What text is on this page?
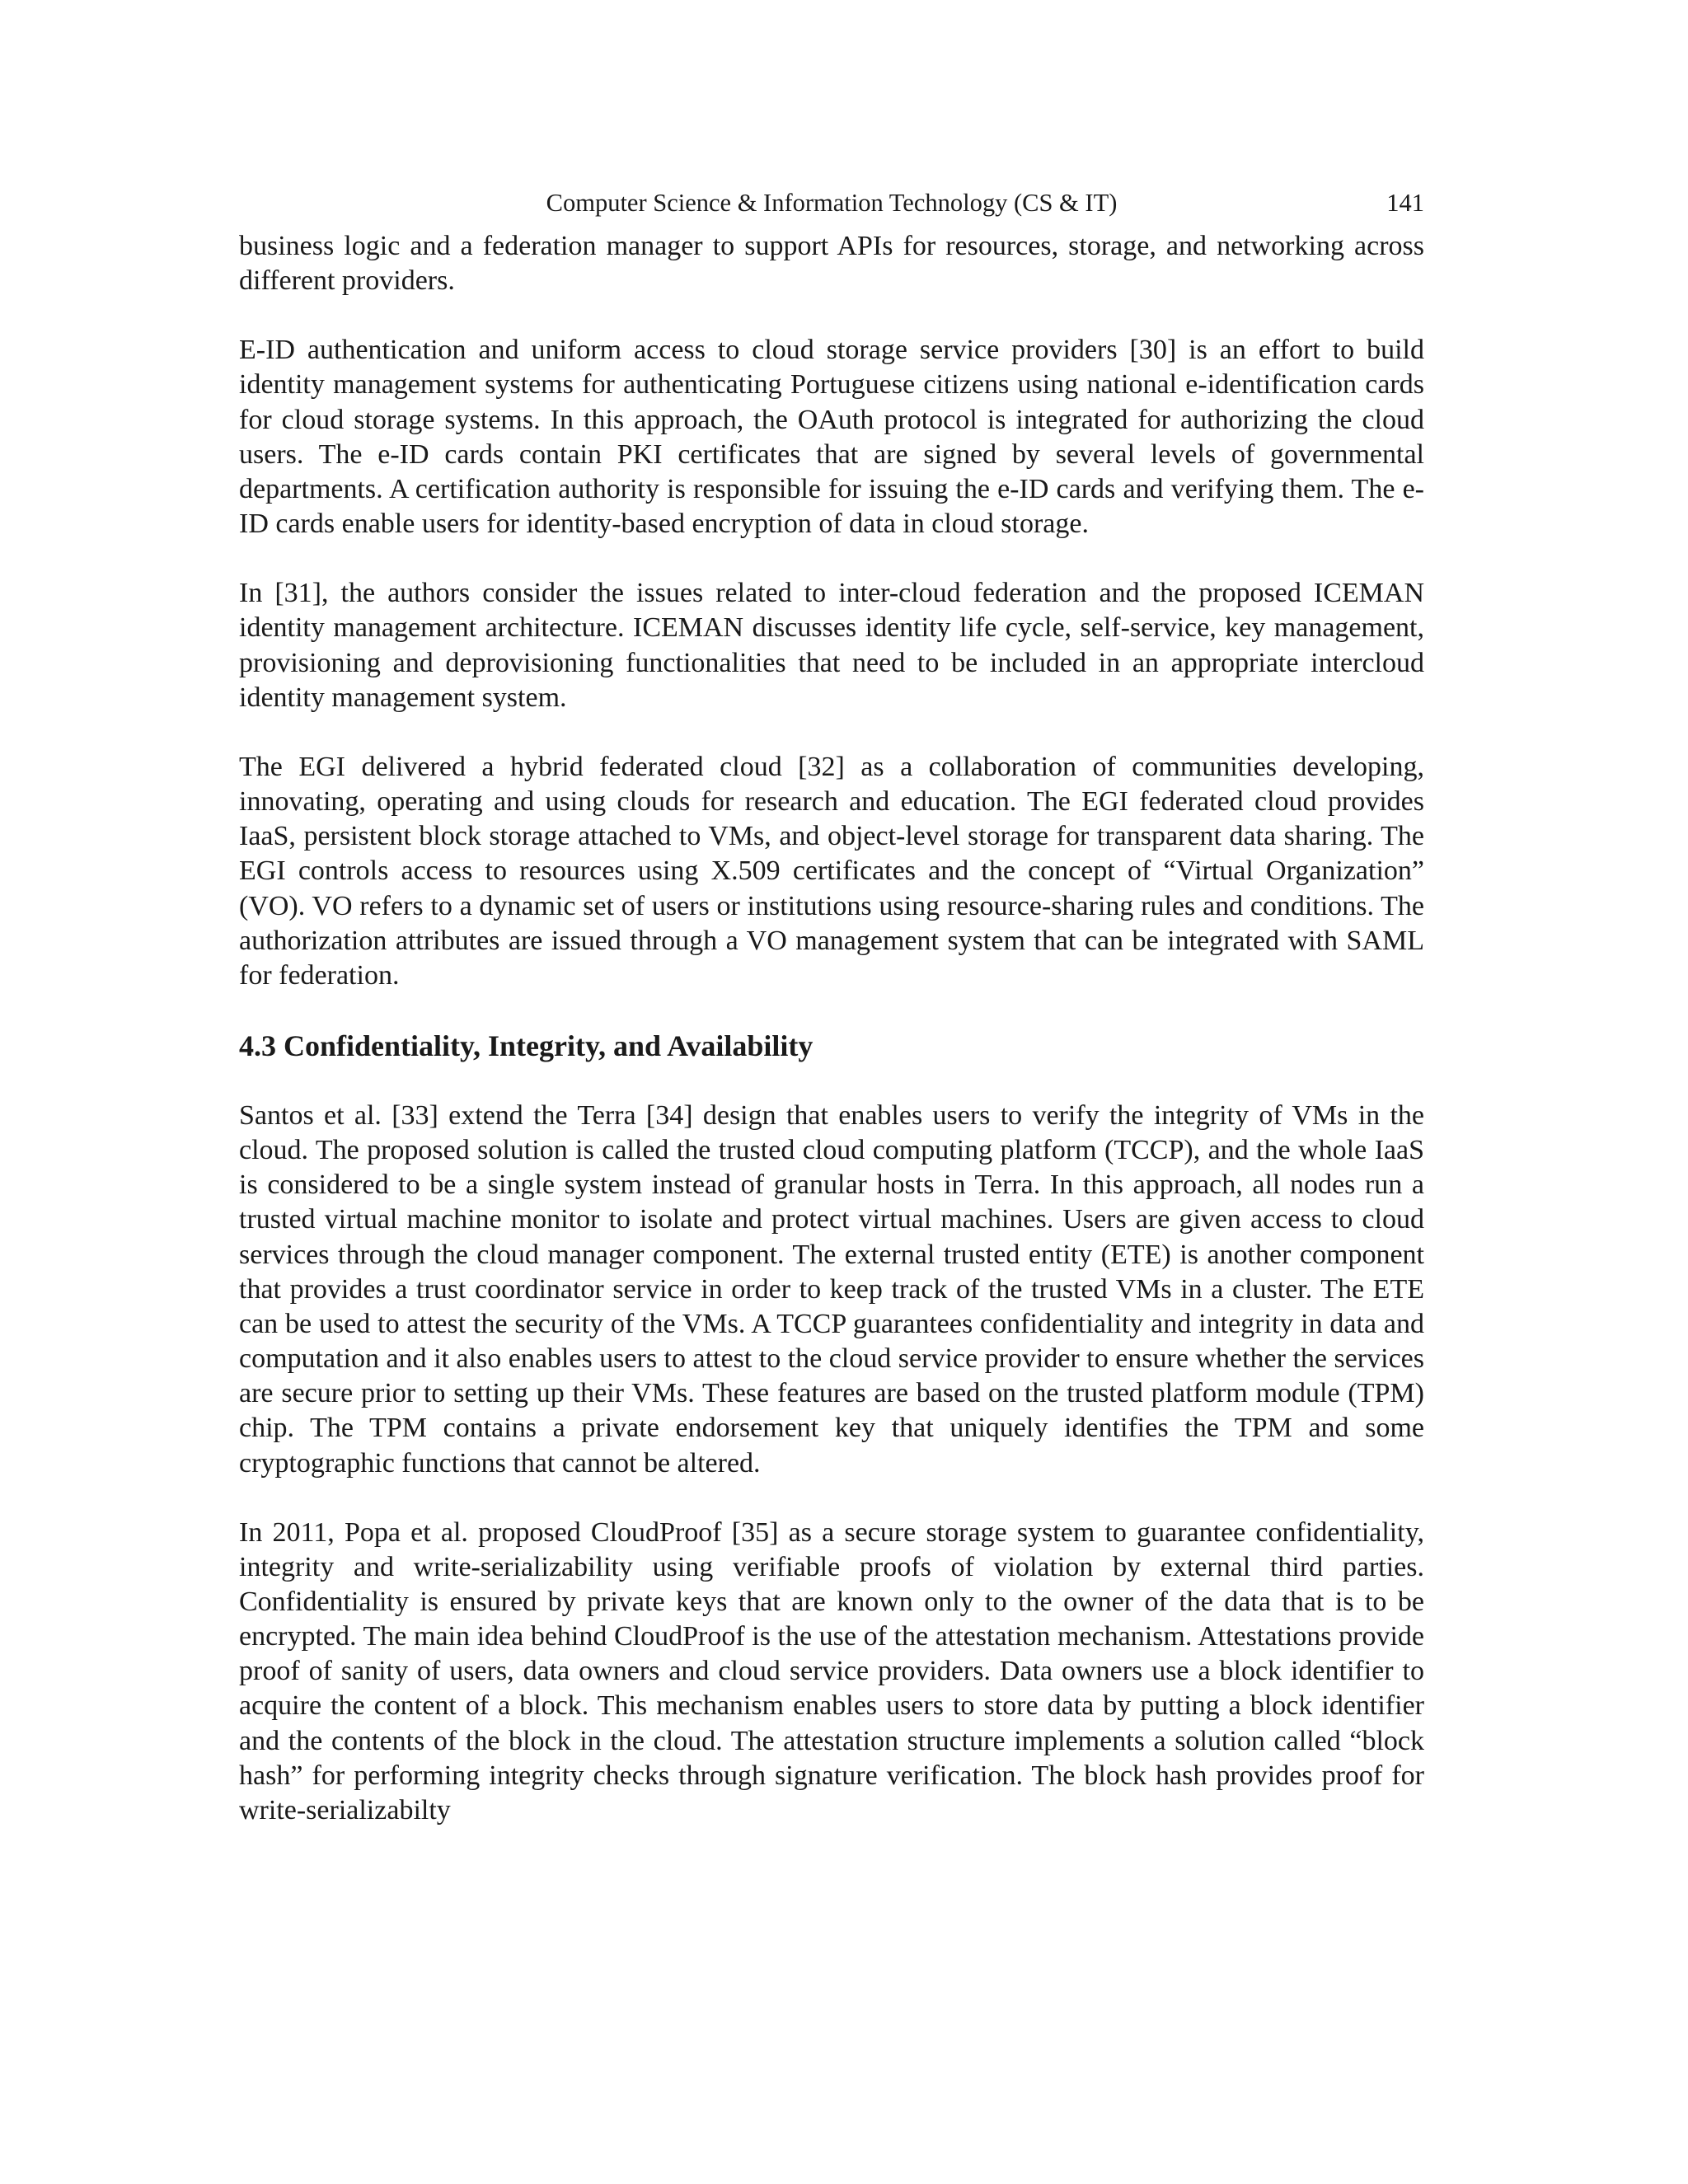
Computer Science & Information Technology (CS & IT)	141

business logic and a federation manager to support APIs for resources, storage, and networking across different providers.

E-ID authentication and uniform access to cloud storage service providers [30] is an effort to build identity management systems for authenticating Portuguese citizens using national e-identification cards for cloud storage systems. In this approach, the OAuth protocol is integrated for authorizing the cloud users. The e-ID cards contain PKI certificates that are signed by several levels of governmental departments. A certification authority is responsible for issuing the e-ID cards and verifying them. The e-ID cards enable users for identity-based encryption of data in cloud storage.

In [31], the authors consider the issues related to inter-cloud federation and the proposed ICEMAN identity management architecture. ICEMAN discusses identity life cycle, self-service, key management, provisioning and deprovisioning functionalities that need to be included in an appropriate intercloud identity management system.

The EGI delivered a hybrid federated cloud [32] as a collaboration of communities developing, innovating, operating and using clouds for research and education. The EGI federated cloud provides IaaS, persistent block storage attached to VMs, and object-level storage for transparent data sharing. The EGI controls access to resources using X.509 certificates and the concept of “Virtual Organization” (VO). VO refers to a dynamic set of users or institutions using resource-sharing rules and conditions. The authorization attributes are issued through a VO management system that can be integrated with SAML for federation.

4.3 Confidentiality, Integrity, and Availability

Santos et al. [33] extend the Terra [34] design that enables users to verify the integrity of VMs in the cloud. The proposed solution is called the trusted cloud computing platform (TCCP), and the whole IaaS is considered to be a single system instead of granular hosts in Terra. In this approach, all nodes run a trusted virtual machine monitor to isolate and protect virtual machines. Users are given access to cloud services through the cloud manager component. The external trusted entity (ETE) is another component that provides a trust coordinator service in order to keep track of the trusted VMs in a cluster. The ETE can be used to attest the security of the VMs. A TCCP guarantees confidentiality and integrity in data and computation and it also enables users to attest to the cloud service provider to ensure whether the services are secure prior to setting up their VMs. These features are based on the trusted platform module (TPM) chip. The TPM contains a private endorsement key that uniquely identifies the TPM and some cryptographic functions that cannot be altered.

In 2011, Popa et al. proposed CloudProof [35] as a secure storage system to guarantee confidentiality, integrity and write-serializability using verifiable proofs of violation by external third parties. Confidentiality is ensured by private keys that are known only to the owner of the data that is to be encrypted. The main idea behind CloudProof is the use of the attestation mechanism. Attestations provide proof of sanity of users, data owners and cloud service providers. Data owners use a block identifier to acquire the content of a block. This mechanism enables users to store data by putting a block identifier and the contents of the block in the cloud. The attestation structure implements a solution called “block hash” for performing integrity checks through signature verification. The block hash provides proof for write-serializabilty
